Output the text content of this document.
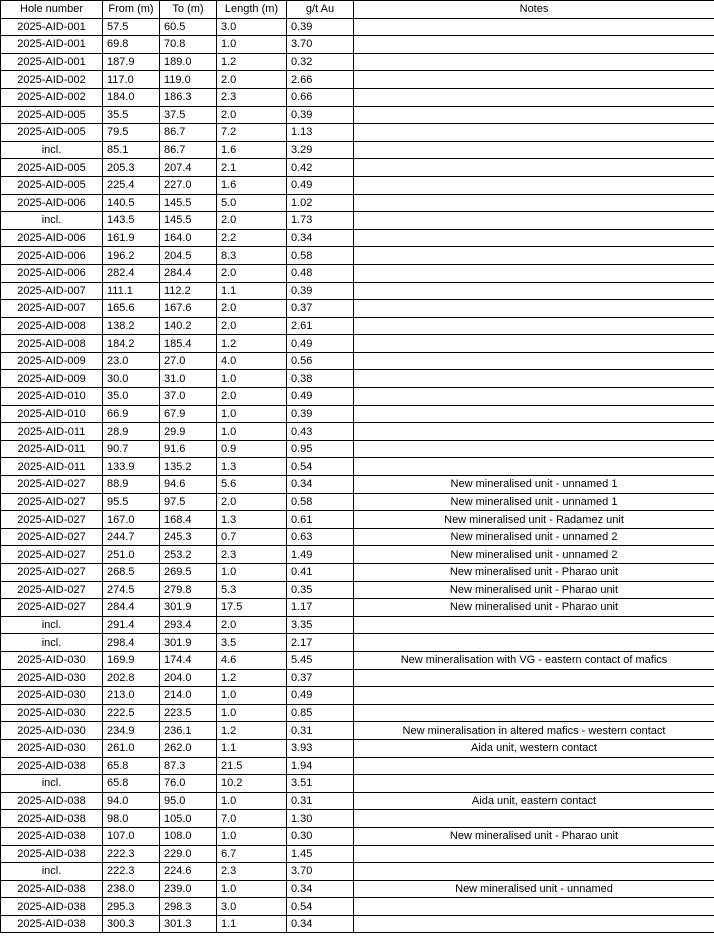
Hole number	From (m)	To (m)	Length (m)	g/t Au	Notes
2025-AID-001	57.5	60.5	3.0	0.39	
2025-AID-001	69.8	70.8	1.0	3.70	
2025-AID-001	187.9	189.0	1.2	0.32	
2025-AID-002	117.0	119.0	2.0	2.66	
2025-AID-002	184.0	186.3	2.3	0.66	
2025-AID-005	35.5	37.5	2.0	0.39	
2025-AID-005	79.5	86.7	7.2	1.13	
incl.	85.1	86.7	1.6	3.29	
2025-AID-005	205.3	207.4	2.1	0.42	
2025-AID-005	225.4	227.0	1.6	0.49	
2025-AID-006	140.5	145.5	5.0	1.02	
incl.	143.5	145.5	2.0	1.73	
2025-AID-006	161.9	164.0	2.2	0.34	
2025-AID-006	196.2	204.5	8.3	0.58	
2025-AID-006	282.4	284.4	2.0	0.48	
2025-AID-007	111.1	112.2	1.1	0.39	
2025-AID-007	165.6	167.6	2.0	0.37	
2025-AID-008	138.2	140.2	2.0	2.61	
2025-AID-008	184.2	185.4	1.2	0.49	
2025-AID-009	23.0	27.0	4.0	0.56	
2025-AID-009	30.0	31.0	1.0	0.38	
2025-AID-010	35.0	37.0	2.0	0.49	
2025-AID-010	66.9	67.9	1.0	0.39	
2025-AID-011	28.9	29.9	1.0	0.43	
2025-AID-011	90.7	91.6	0.9	0.95	
2025-AID-011	133.9	135.2	1.3	0.54	
2025-AID-027	88.9	94.6	5.6	0.34	New mineralised unit - unnamed 1
2025-AID-027	95.5	97.5	2.0	0.58	New mineralised unit - unnamed 1
2025-AID-027	167.0	168.4	1.3	0.61	New mineralised unit - Radamez unit
2025-AID-027	244.7	245.3	0.7	0.63	New mineralised unit - unnamed 2
2025-AID-027	251.0	253.2	2.3	1.49	New mineralised unit - unnamed 2
2025-AID-027	268.5	269.5	1.0	0.41	New mineralised unit - Pharao unit
2025-AID-027	274.5	279.8	5.3	0.35	New mineralised unit - Pharao unit
2025-AID-027	284.4	301.9	17.5	1.17	New mineralised unit - Pharao unit
incl.	291.4	293.4	2.0	3.35	
incl.	298.4	301.9	3.5	2.17	
2025-AID-030	169.9	174.4	4.6	5.45	New mineralisation with VG - eastern contact of mafics
2025-AID-030	202.8	204.0	1.2	0.37	
2025-AID-030	213.0	214.0	1.0	0.49	
2025-AID-030	222.5	223.5	1.0	0.85	
2025-AID-030	234.9	236.1	1.2	0.31	New mineralisation in altered mafics - western contact
2025-AID-030	261.0	262.0	1.1	3.93	Aida unit, western contact
2025-AID-038	65.8	87.3	21.5	1.94	
incl.	65.8	76.0	10.2	3.51	
2025-AID-038	94.0	95.0	1.0	0.31	Aida unit, eastern contact
2025-AID-038	98.0	105.0	7.0	1.30	
2025-AID-038	107.0	108.0	1.0	0.30	New mineralised unit - Pharao unit
2025-AID-038	222.3	229.0	6.7	1.45	
incl.	222.3	224.6	2.3	3.70	
2025-AID-038	238.0	239.0	1.0	0.34	New mineralised unit - unnamed
2025-AID-038	295.3	298.3	3.0	0.54	
2025-AID-038	300.3	301.3	1.1	0.34	
